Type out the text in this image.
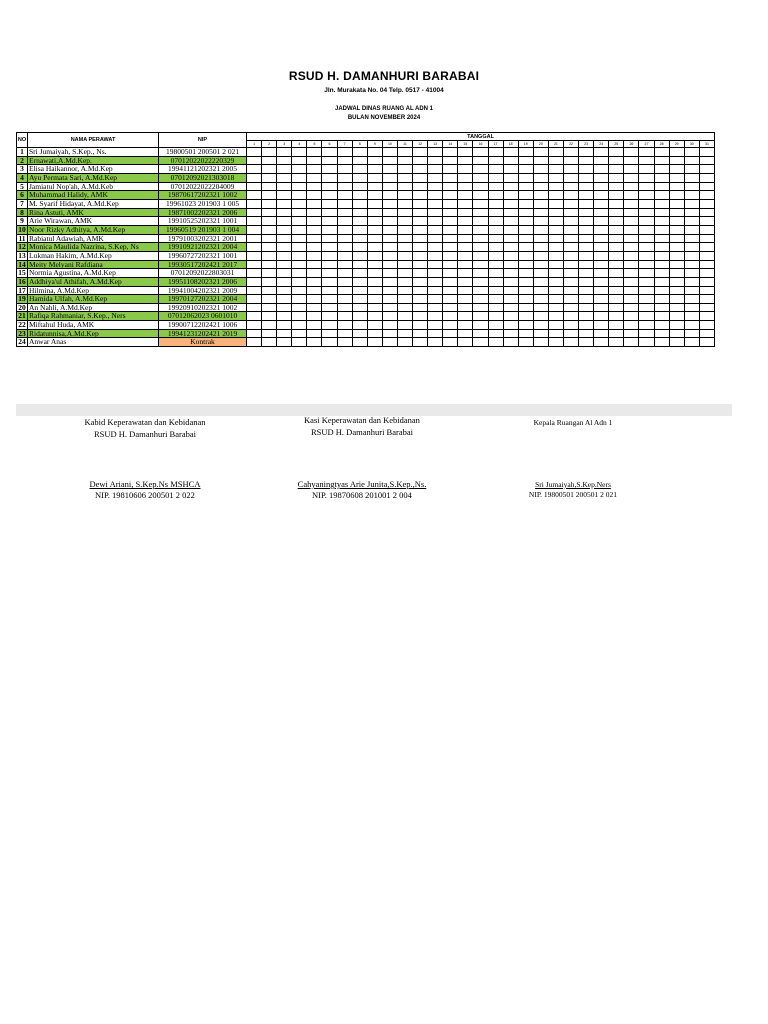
RSUD H. DAMANHURI BARABAI
Jln. Murakata No. 04 Telp. 0517 - 41004
JADWAL DINAS RUANG AL ADN 1
BULAN NOVEMBER 2024
NO	NAMA PERAWAT	NIP	TANGGAL																														
			1	2	3	4	5	6	7	8	9	10	11	12	13	14	15	16	17	18	19	20	21	22	23	24	25	26	27	28	29	30	31
1	Sri Jumaiyah, S.Kep., Ns.	19800501 200501 2 021																															
2	Ernawati,A.Md.Kep.	07012022022220329																															
3	Elisa Haikannor, A.Md.Kep	19941121202321 2005																															
4	Ayu Permata Sari, A.Md.Kep	07012092021303018																															
5	Jamiatul Nop'ah, A.Md.Keb	07012022022204009																															
6	Muhammad Halidy, AMK	19870617202321 1002																															
7	M. Syarif Hidayat, A.Md.Kep	19961023 201903 1 005																															
8	Rina Astuti, AMK	19871002202321 2006																															
9	Arie Wirawan, AMK	19910525202321 1001																															
10	Noor Rizky Adhitya, A.Md.Kep	19960519 201903 1 004																															
11	Rabiatul Adawiah, AMK	19791003202321 2001																															
12	Monica Maulida Nazrina, S.Kep, Ns	19910921202321 2004																															
13	Lukman Hakim, A.Md.Kep	19960727202321 1001																															
14	Meity Melyani Rafdiana	19930517202421 2017																															
15	Normia Agustina, A.Md.Kep	07012092022803031																															
16	Addhiya'ul Athifah, A.Md.Kep	19951108202321 2006																															
17	Hilmina, A.Md.Kep	19941004202321 2009																															
19	Hamida Ulfah, A.Md.Kep	19970127202321 2004																															
20	An Nahli, A.Md.Kep	19920910202321 1002																															
21	Rafiqa Rahmaniar, S.Kep., Ners	07012062023 0601010																															
22	Miftahul Huda, AMK	19900712202421 1006																															
23	Ridatunnisa,A.Md.Kep	19941231202421 2019																															
24	Anwar Anas	Kontrak																															
Kabid Keperawatan dan Kebidanan
RSUD H. Damanhuri Barabai
Dewi Ariani, S.Kep.Ns MSHCA
NIP. 19810606 200501 2 022
Kasi Keperawatan dan Kebidanan
RSUD H. Damanhuri Barabai
Cahyaningtyas Arie Junita,S.Kep.,Ns.
NIP. 19870608 201001 2 004
Kepala Ruangan Al Adn 1
Sri Jumaiyah,S.Kep.Ners
NIP. 19800501 200501 2 021
